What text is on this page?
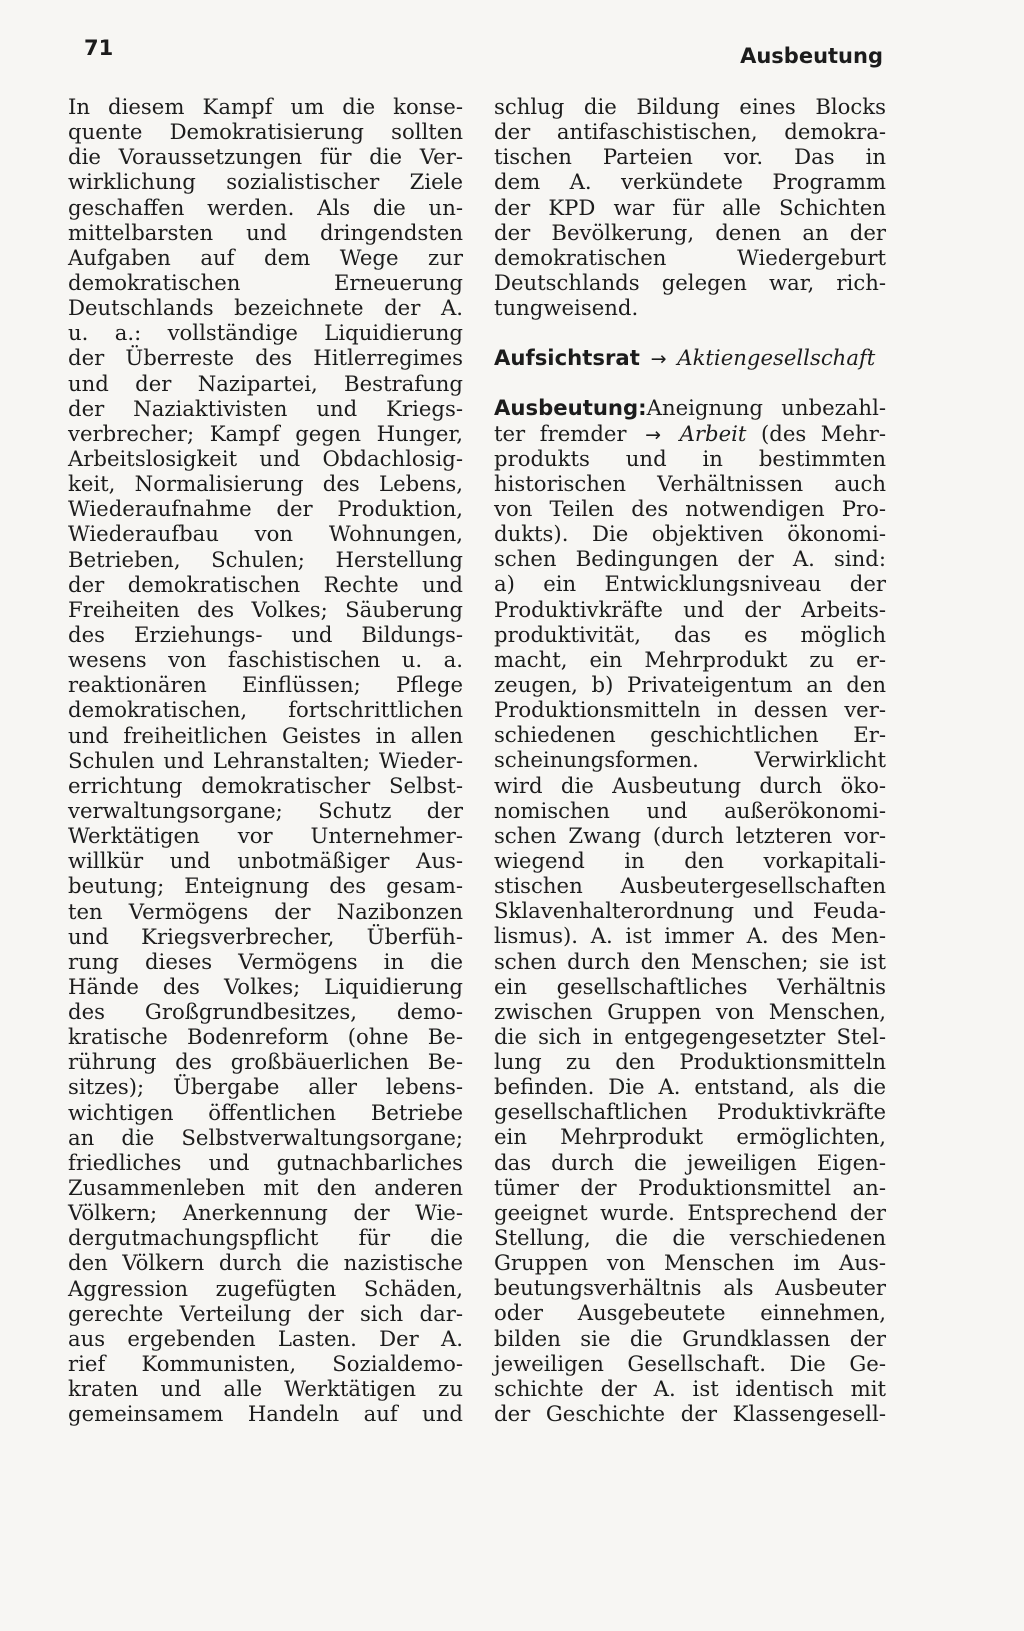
71	Ausbeutung
In diesem Kampf um die konse-
quente Demokratisierung sollten
die Voraussetzungen für die Ver-
wirklichung sozialistischer Ziele
geschaffen werden. Als die un-
mittelbarsten und dringendsten
Aufgaben auf dem Wege zur
demokratischen Erneuerung
Deutschlands bezeichnete der A.
u. a.: vollständige Liquidierung
der Überreste des Hitlerregimes
und der Nazipartei, Bestrafung
der Naziaktivisten und Kriegs-
verbrecher; Kampf gegen Hunger,
Arbeitslosigkeit und Obdachlosig-
keit, Normalisierung des Lebens,
Wiederaufnahme der Produktion,
Wiederaufbau von Wohnungen,
Betrieben, Schulen; Herstellung
der demokratischen Rechte und
Freiheiten des Volkes; Säuberung
des Erziehungs- und Bildungs-
wesens von faschistischen u. a.
reaktionären Einflüssen; Pflege
demokratischen, fortschrittlichen
und freiheitlichen Geistes in allen
Schulen und Lehranstalten; Wieder-
errichtung demokratischer Selbst-
verwaltungsorgane; Schutz der
Werktätigen vor Unternehmer-
willkür und unbotmäßiger Aus-
beutung; Enteignung des gesam-
ten Vermögens der Nazibonzen
und Kriegsverbrecher, Überfüh-
rung dieses Vermögens in die
Hände des Volkes; Liquidierung
des Großgrundbesitzes, demo-
kratische Bodenreform (ohne Be-
rührung des großbäuerlichen Be-
sitzes); Übergabe aller lebens-
wichtigen öffentlichen Betriebe
an die Selbstverwaltungsorgane;
friedliches und gutnachbarliches
Zusammenleben mit den anderen
Völkern; Anerkennung der Wie-
dergutmachungspflicht für die
den Völkern durch die nazistische
Aggression zugefügten Schäden,
gerechte Verteilung der sich dar-
aus ergebenden Lasten. Der A.
rief Kommunisten, Sozialdemo-
kraten und alle Werktätigen zu
gemeinsamem Handeln auf und
schlug die Bildung eines Blocks
der antifaschistischen, demokra-
tischen Parteien vor. Das in
dem A. verkündete Programm
der KPD war für alle Schichten
der Bevölkerung, denen an der
demokratischen Wiedergeburt
Deutschlands gelegen war, rich-
tungweisend.
Aufsichtsrat → Aktiengesellschaft
Ausbeutung:Aneignung unbezahl-
ter fremder → Arbeit (des Mehr-
produkts und in bestimmten
historischen Verhältnissen auch
von Teilen des notwendigen Pro-
dukts). Die objektiven ökonomi-
schen Bedingungen der A. sind:
a) ein Entwicklungsniveau der
Produktivkräfte und der Arbeits-
produktivität, das es möglich
macht, ein Mehrprodukt zu er-
zeugen, b) Privateigentum an den
Produktionsmitteln in dessen ver-
schiedenen geschichtlichen Er-
scheinungsformen. Verwirklicht
wird die Ausbeutung durch öko-
nomischen und außerökonomi-
schen Zwang (durch letzteren vor-
wiegend in den vorkapitali-
stischen Ausbeutergesellschaften
Sklavenhalterordnung und Feuda-
lismus). A. ist immer A. des Men-
schen durch den Menschen; sie ist
ein gesellschaftliches Verhältnis
zwischen Gruppen von Menschen,
die sich in entgegengesetzter Stel-
lung zu den Produktionsmitteln
befinden. Die A. entstand, als die
gesellschaftlichen Produktivkräfte
ein Mehrprodukt ermöglichten,
das durch die jeweiligen Eigen-
tümer der Produktionsmittel an-
geeignet wurde. Entsprechend der
Stellung, die die verschiedenen
Gruppen von Menschen im Aus-
beutungsverhältnis als Ausbeuter
oder Ausgebeutete einnehmen,
bilden sie die Grundklassen der
jeweiligen Gesellschaft. Die Ge-
schichte der A. ist identisch mit
der Geschichte der Klassengesell-
